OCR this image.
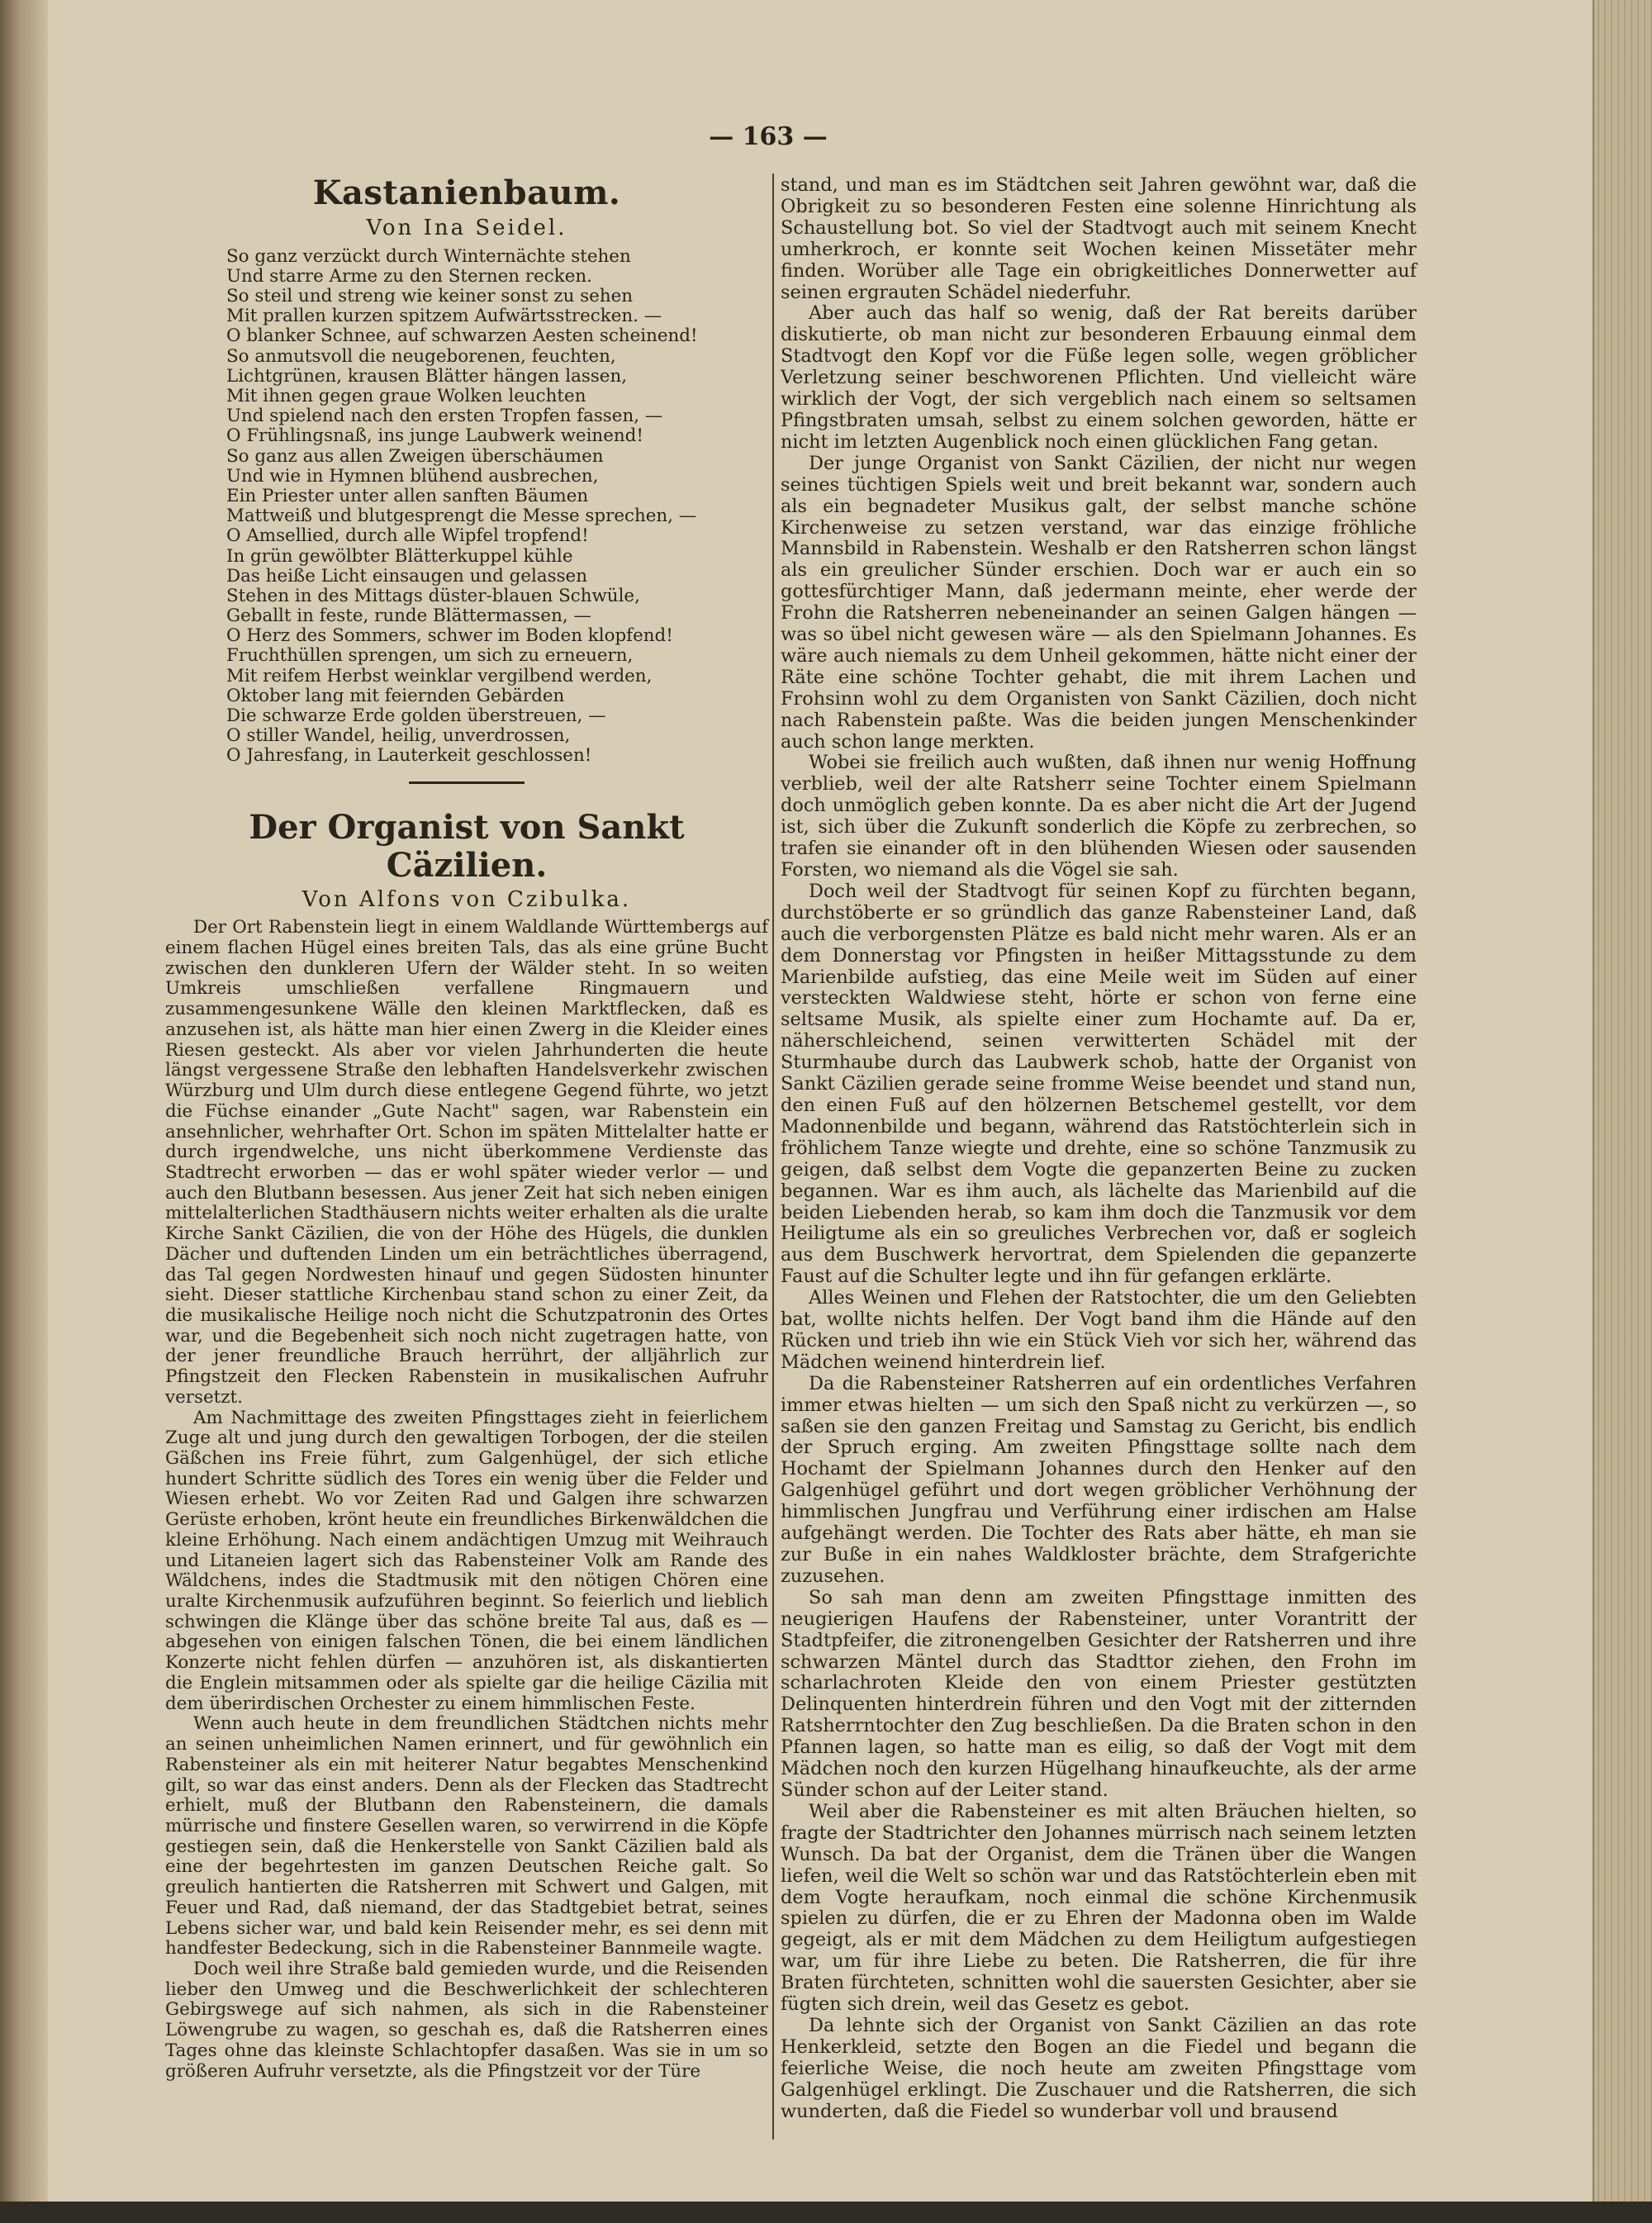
— 163 —
Kastanienbaum.
Von Ina Seidel.
So ganz verzückt durch Winternächte stehen
Und starre Arme zu den Sternen recken.
So steil und streng wie keiner sonst zu sehen
Mit prallen kurzen spitzem Aufwärtsstrecken. —
O blanker Schnee, auf schwarzen Aesten scheinend!
So anmutsvoll die neugeborenen, feuchten,
Lichtgrünen, krausen Blätter hängen lassen,
Mit ihnen gegen graue Wolken leuchten
Und spielend nach den ersten Tropfen fassen, —
O Frühlingsnaß, ins junge Laubwerk weinend!
So ganz aus allen Zweigen überschäumen
Und wie in Hymnen blühend ausbrechen,
Ein Priester unter allen sanften Bäumen
Mattweiß und blutgesprengt die Messe sprechen, —
O Amsellied, durch alle Wipfel tropfend!
In grün gewölbter Blätterkuppel kühle
Das heiße Licht einsaugen und gelassen
Stehen in des Mittags düster-blauen Schwüle,
Geballt in feste, runde Blättermassen, —
O Herz des Sommers, schwer im Boden klopfend!
Fruchthüllen sprengen, um sich zu erneuern,
Mit reifem Herbst weinklar vergilbend werden,
Oktober lang mit feiernden Gebärden
Die schwarze Erde golden überstreuen, —
O stiller Wandel, heilig, unverdrossen,
O Jahresfang, in Lauterkeit geschlossen!
Der Organist von Sankt Cäzilien.
Von Alfons von Czibulka.

Der Ort Rabenstein liegt in einem Waldlande Württembergs auf einem flachen Hügel eines breiten Tals, das als eine grüne Bucht zwischen den dunkleren Ufern der Wälder steht. In so weiten Umkreis umschließen verfallene Ringmauern und zusammengesunkene Wälle den kleinen Marktflecken, daß es anzusehen ist, als hätte man hier einen Zwerg in die Kleider eines Riesen gesteckt. Als aber vor vielen Jahrhunderten die heute längst vergessene Straße den lebhaften Handelsverkehr zwischen Würzburg und Ulm durch diese entlegene Gegend führte, wo jetzt die Füchse einander „Gute Nacht" sagen, war Rabenstein ein ansehnlicher, wehrhafter Ort. Schon im späten Mittelalter hatte er durch irgendwelche, uns nicht überkommene Verdienste das Stadtrecht erworben — das er wohl später wieder verlor — und auch den Blutbann besessen. Aus jener Zeit hat sich neben einigen mittelalterlichen Stadthäusern nichts weiter erhalten als die uralte Kirche Sankt Cäzilien, die von der Höhe des Hügels, die dunklen Dächer und duftenden Linden um ein beträchtliches überragend, das Tal gegen Nordwesten hinauf und gegen Südosten hinunter sieht. Dieser stattliche Kirchenbau stand schon zu einer Zeit, da die musikalische Heilige noch nicht die Schutzpatronin des Ortes war, und die Begebenheit sich noch nicht zugetragen hatte, von der jener freundliche Brauch herrührt, der alljährlich zur Pfingstzeit den Flecken Rabenstein in musikalischen Aufruhr versetzt.

Am Nachmittage des zweiten Pfingsttages zieht in feierlichem Zuge alt und jung durch den gewaltigen Torbogen, der die steilen Gäßchen ins Freie führt, zum Galgenhügel, der sich etliche hundert Schritte südlich des Tores ein wenig über die Felder und Wiesen erhebt. Wo vor Zeiten Rad und Galgen ihre schwarzen Gerüste erhoben, krönt heute ein freundliches Birkenwäldchen die kleine Erhöhung. Nach einem andächtigen Umzug mit Weihrauch und Litaneien lagert sich das Rabensteiner Volk am Rande des Wäldchens, indes die Stadtmusik mit den nötigen Chören eine uralte Kirchenmusik aufzuführen beginnt. So feierlich und lieblich schwingen die Klänge über das schöne breite Tal aus, daß es — abgesehen von einigen falschen Tönen, die bei einem ländlichen Konzerte nicht fehlen dürfen — anzuhören ist, als diskantierten die Englein mitsammen oder als spielte gar die heilige Cäzilia mit dem überirdischen Orchester zu einem himmlischen Feste.

Wenn auch heute in dem freundlichen Städtchen nichts mehr an seinen unheimlichen Namen erinnert, und für gewöhnlich ein Rabensteiner als ein mit heiterer Natur begabtes Menschenkind gilt, so war das einst anders. Denn als der Flecken das Stadtrecht erhielt, muß der Blutbann den Rabensteinern, die damals mürrische und finstere Gesellen waren, so verwirrend in die Köpfe gestiegen sein, daß die Henkerstelle von Sankt Cäzilien bald als eine der begehrtesten im ganzen Deutschen Reiche galt. So greulich hantierten die Ratsherren mit Schwert und Galgen, mit Feuer und Rad, daß niemand, der das Stadtgebiet betrat, seines Lebens sicher war, und bald kein Reisender mehr, es sei denn mit handfester Bedeckung, sich in die Rabensteiner Bannmeile wagte.

Doch weil ihre Straße bald gemieden wurde, und die Reisenden lieber den Umweg und die Beschwerlichkeit der schlechteren Gebirgswege auf sich nahmen, als sich in die Rabensteiner Löwengrube zu wagen, so geschah es, daß die Ratsherren eines Tages ohne das kleinste Schlachtopfer dasaßen. Was sie in um so größeren Aufruhr versetzte, als die Pfingstzeit vor der Türe

stand, und man es im Städtchen seit Jahren gewöhnt war, daß die Obrigkeit zu so besonderen Festen eine solenne Hinrichtung als Schaustellung bot. So viel der Stadtvogt auch mit seinem Knecht umherkroch, er konnte seit Wochen keinen Missetäter mehr finden. Worüber alle Tage ein obrigkeitliches Donnerwetter auf seinen ergrauten Schädel niederfuhr.

Aber auch das half so wenig, daß der Rat bereits darüber diskutierte, ob man nicht zur besonderen Erbauung einmal dem Stadtvogt den Kopf vor die Füße legen solle, wegen gröblicher Verletzung seiner beschworenen Pflichten. Und vielleicht wäre wirklich der Vogt, der sich vergeblich nach einem so seltsamen Pfingstbraten umsah, selbst zu einem solchen geworden, hätte er nicht im letzten Augenblick noch einen glücklichen Fang getan.

Der junge Organist von Sankt Cäzilien, der nicht nur wegen seines tüchtigen Spiels weit und breit bekannt war, sondern auch als ein begnadeter Musikus galt, der selbst manche schöne Kirchenweise zu setzen verstand, war das einzige fröhliche Mannsbild in Rabenstein. Weshalb er den Ratsherren schon längst als ein greulicher Sünder erschien. Doch war er auch ein so gottesfürchtiger Mann, daß jedermann meinte, eher werde der Frohn die Ratsherren nebeneinander an seinen Galgen hängen — was so übel nicht gewesen wäre — als den Spielmann Johannes. Es wäre auch niemals zu dem Unheil gekommen, hätte nicht einer der Räte eine schöne Tochter gehabt, die mit ihrem Lachen und Frohsinn wohl zu dem Organisten von Sankt Cäzilien, doch nicht nach Rabenstein paßte. Was die beiden jungen Menschenkinder auch schon lange merkten.

Wobei sie freilich auch wußten, daß ihnen nur wenig Hoffnung verblieb, weil der alte Ratsherr seine Tochter einem Spielmann doch unmöglich geben konnte. Da es aber nicht die Art der Jugend ist, sich über die Zukunft sonderlich die Köpfe zu zerbrechen, so trafen sie einander oft in den blühenden Wiesen oder sausenden Forsten, wo niemand als die Vögel sie sah.

Doch weil der Stadtvogt für seinen Kopf zu fürchten begann, durchstöberte er so gründlich das ganze Rabensteiner Land, daß auch die verborgensten Plätze es bald nicht mehr waren. Als er an dem Donnerstag vor Pfingsten in heißer Mittagsstunde zu dem Marienbilde aufstieg, das eine Meile weit im Süden auf einer versteckten Waldwiese steht, hörte er schon von ferne eine seltsame Musik, als spielte einer zum Hochamte auf. Da er, näherschleichend, seinen verwitterten Schädel mit der Sturmhaube durch das Laubwerk schob, hatte der Organist von Sankt Cäzilien gerade seine fromme Weise beendet und stand nun, den einen Fuß auf den hölzernen Betschemel gestellt, vor dem Madonnenbilde und begann, während das Ratstöchterlein sich in fröhlichem Tanze wiegte und drehte, eine so schöne Tanzmusik zu geigen, daß selbst dem Vogte die gepanzerten Beine zu zucken begannen. War es ihm auch, als lächelte das Marienbild auf die beiden Liebenden herab, so kam ihm doch die Tanzmusik vor dem Heiligtume als ein so greuliches Verbrechen vor, daß er sogleich aus dem Buschwerk hervortrat, dem Spielenden die gepanzerte Faust auf die Schulter legte und ihn für gefangen erklärte.

Alles Weinen und Flehen der Ratstochter, die um den Geliebten bat, wollte nichts helfen. Der Vogt band ihm die Hände auf den Rücken und trieb ihn wie ein Stück Vieh vor sich her, während das Mädchen weinend hinterdrein lief.

Da die Rabensteiner Ratsherren auf ein ordentliches Verfahren immer etwas hielten — um sich den Spaß nicht zu verkürzen —, so saßen sie den ganzen Freitag und Samstag zu Gericht, bis endlich der Spruch erging. Am zweiten Pfingsttage sollte nach dem Hochamt der Spielmann Johannes durch den Henker auf den Galgenhügel geführt und dort wegen gröblicher Verhöhnung der himmlischen Jungfrau und Verführung einer irdischen am Halse aufgehängt werden. Die Tochter des Rats aber hätte, eh man sie zur Buße in ein nahes Waldkloster brächte, dem Strafgerichte zuzusehen.

So sah man denn am zweiten Pfingsttage inmitten des neugierigen Haufens der Rabensteiner, unter Vorantritt der Stadtpfeifer, die zitronengelben Gesichter der Ratsherren und ihre schwarzen Mäntel durch das Stadttor ziehen, den Frohn im scharlachroten Kleide den von einem Priester gestützten Delinquenten hinterdrein führen und den Vogt mit der zitternden Ratsherrntochter den Zug beschließen. Da die Braten schon in den Pfannen lagen, so hatte man es eilig, so daß der Vogt mit dem Mädchen noch den kurzen Hügelhang hinaufkeuchte, als der arme Sünder schon auf der Leiter stand.

Weil aber die Rabensteiner es mit alten Bräuchen hielten, so fragte der Stadtrichter den Johannes mürrisch nach seinem letzten Wunsch. Da bat der Organist, dem die Tränen über die Wangen liefen, weil die Welt so schön war und das Ratstöchterlein eben mit dem Vogte heraufkam, noch einmal die schöne Kirchenmusik spielen zu dürfen, die er zu Ehren der Madonna oben im Walde gegeigt, als er mit dem Mädchen zu dem Heiligtum aufgestiegen war, um für ihre Liebe zu beten. Die Ratsherren, die für ihre Braten fürchteten, schnitten wohl die sauersten Gesichter, aber sie fügten sich drein, weil das Gesetz es gebot.

Da lehnte sich der Organist von Sankt Cäzilien an das rote Henkerkleid, setzte den Bogen an die Fiedel und begann die feierliche Weise, die noch heute am zweiten Pfingsttage vom Galgenhügel erklingt. Die Zuschauer und die Ratsherren, die sich wunderten, daß die Fiedel so wunderbar voll und brausend
